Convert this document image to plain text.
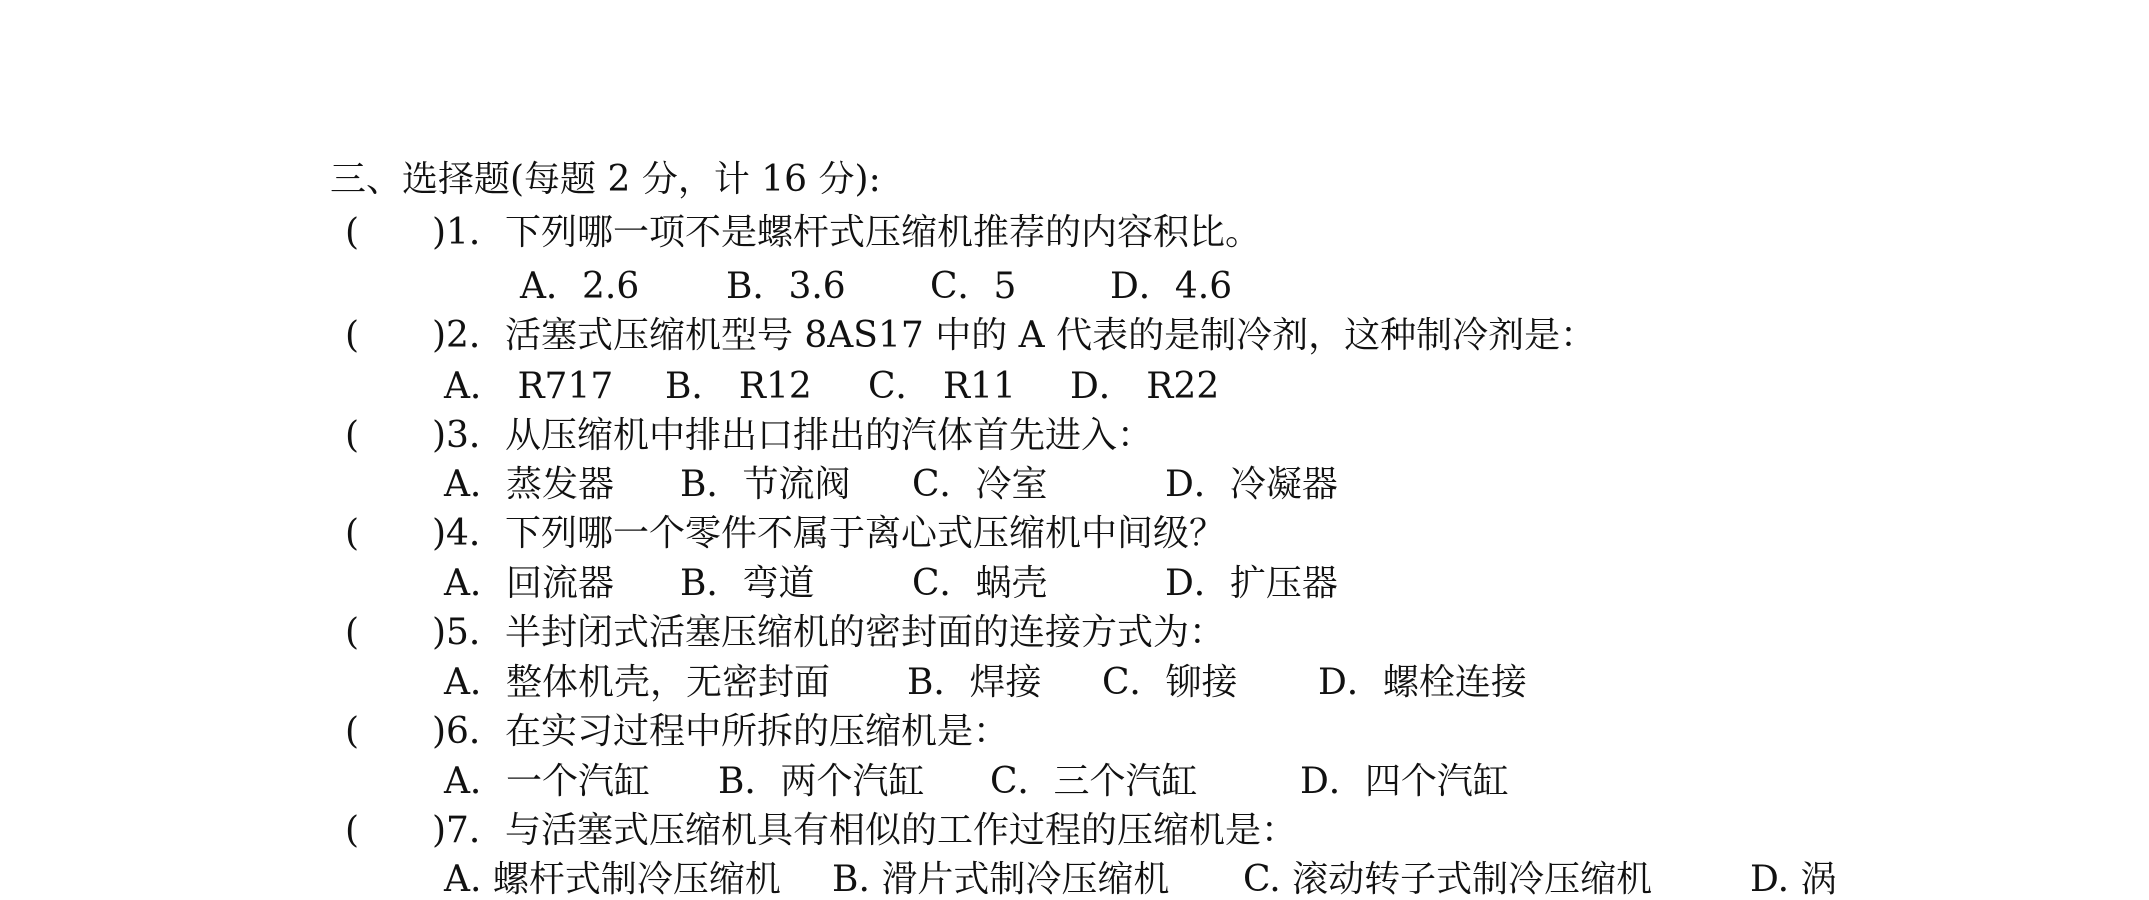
三、选择题(每题 2 分，计 16 分):
( )1．下列哪一项不是螺杆式压缩机推荐的内容积比。
A．2.6 B．3.6 C．5	D．4.6
( )2．活塞式压缩机型号 8AS17 中的 A 代表的是制冷剂，这种制冷剂是：
A． R717 B． R12 C． R11 D． R22
( )3．从压缩机中排出口排出的汽体首先进入：
A．蒸发器 B．节流阀 C．冷室	D．冷凝器
( )4．下列哪一个零件不属于离心式压缩机中间级？
A．回流器 B．弯道	C．蜗壳	D．扩压器
( )5．半封闭式活塞压缩机的密封面的连接方式为：
A．整体机壳，无密封面 B．焊接 C．铆接 D．螺栓连接
( )6．在实习过程中所拆的压缩机是：
A．一个汽缸 B．两个汽缸 C．三个汽缸	D．四个汽缸
( )7．与活塞式压缩机具有相似的工作过程的压缩机是：
A. 螺杆式制冷压缩机 B. 滑片式制冷压缩机 C. 滚动转子式制冷压缩机	D. 涡
